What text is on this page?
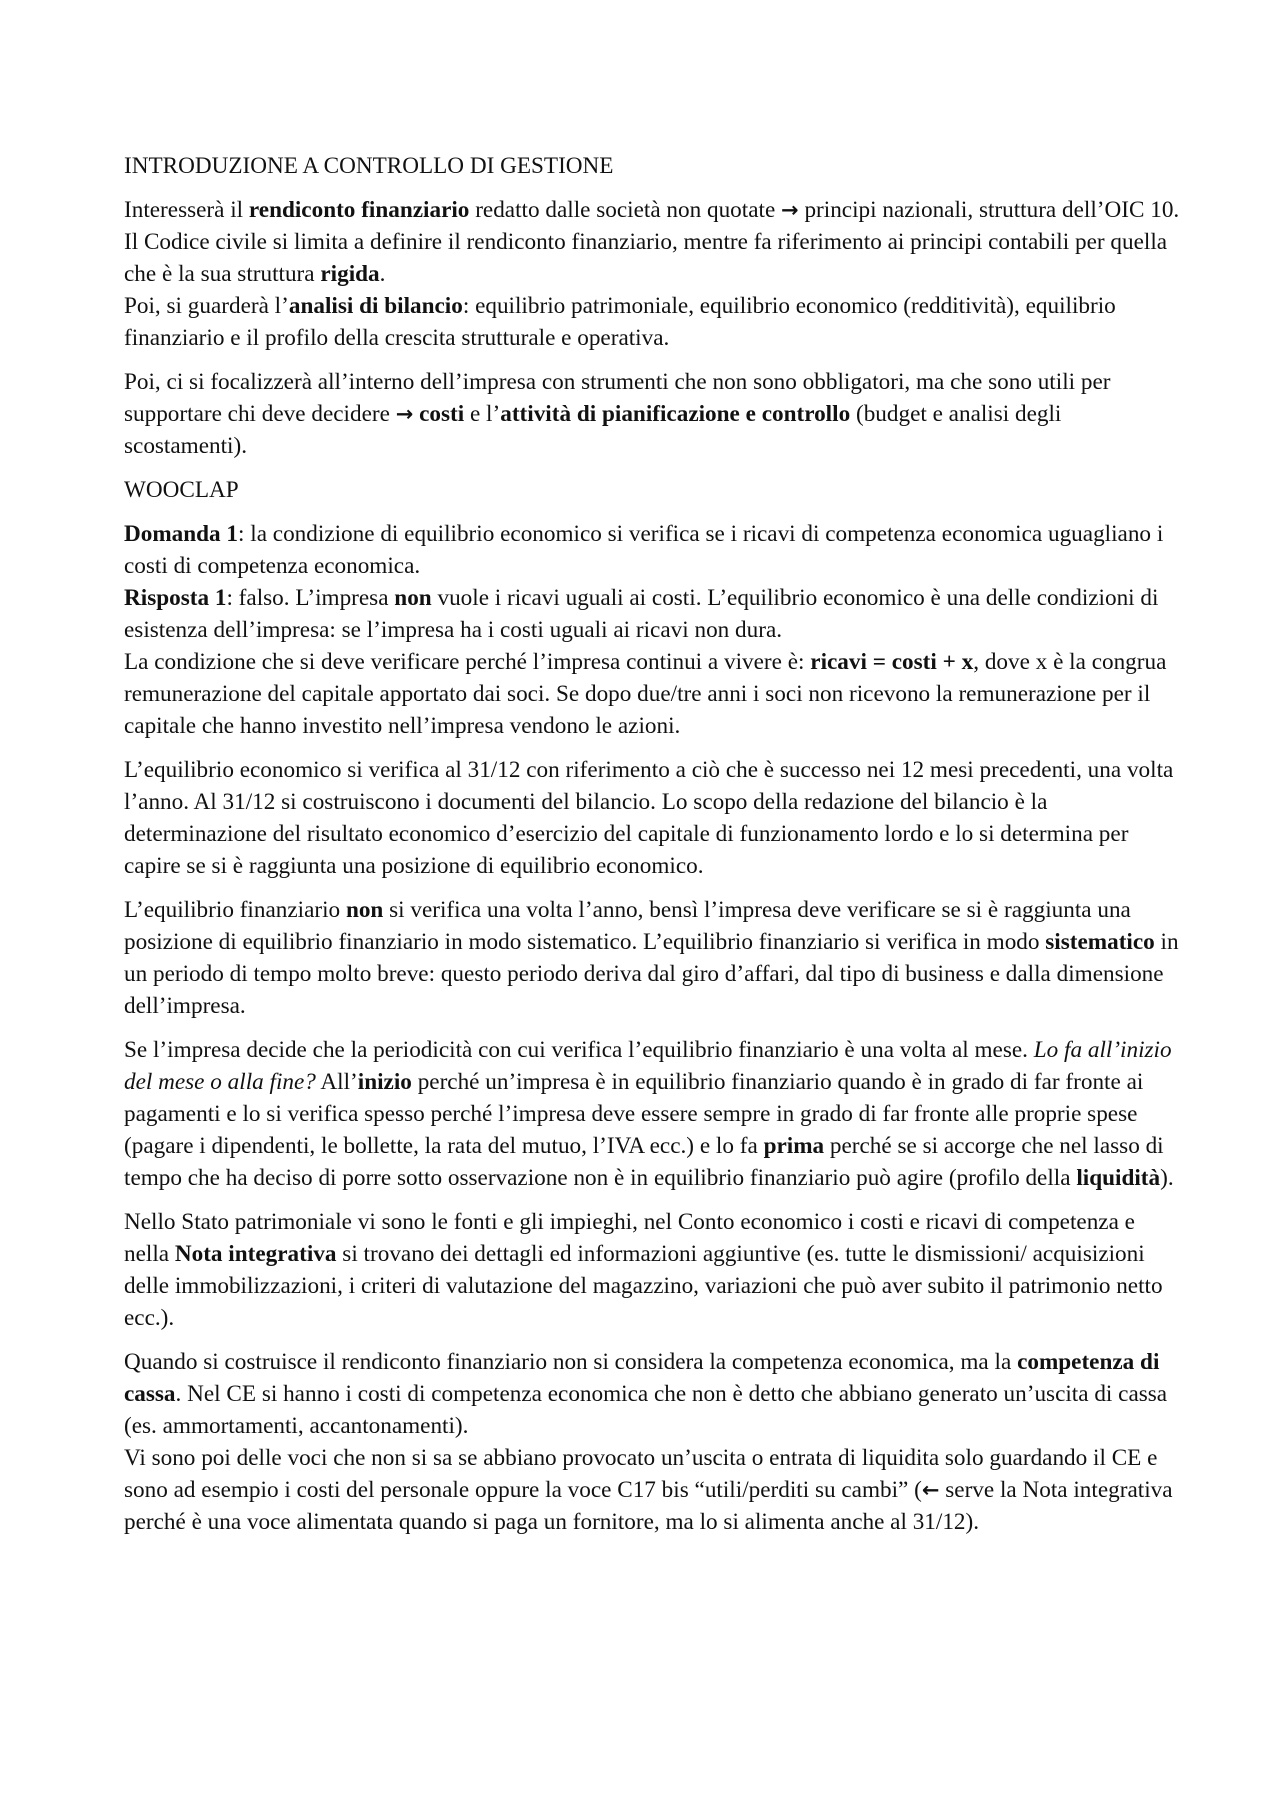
INTRODUZIONE A CONTROLLO DI GESTIONE

Interesserà il rendiconto finanziario redatto dalle società non quotate → principi nazionali, struttura dell’OIC 10. Il Codice civile si limita a definire il rendiconto finanziario, mentre fa riferimento ai principi contabili per quella che è la sua struttura rigida.
Poi, si guarderà l’analisi di bilancio: equilibrio patrimoniale, equilibrio economico (redditività), equilibrio finanziario e il profilo della crescita strutturale e operativa.

Poi, ci si focalizzerà all’interno dell’impresa con strumenti che non sono obbligatori, ma che sono utili per supportare chi deve decidere → costi e l’attività di pianificazione e controllo (budget e analisi degli scostamenti).

WOOCLAP

Domanda 1: la condizione di equilibrio economico si verifica se i ricavi di competenza economica uguagliano i costi di competenza economica.
Risposta 1: falso. L’impresa non vuole i ricavi uguali ai costi. L’equilibrio economico è una delle condizioni di esistenza dell’impresa: se l’impresa ha i costi uguali ai ricavi non dura.
La condizione che si deve verificare perché l’impresa continui a vivere è: ricavi = costi + x, dove x è la congrua remunerazione del capitale apportato dai soci. Se dopo due/tre anni i soci non ricevono la remunerazione per il capitale che hanno investito nell’impresa vendono le azioni.

L’equilibrio economico si verifica al 31/12 con riferimento a ciò che è successo nei 12 mesi precedenti, una volta l’anno. Al 31/12 si costruiscono i documenti del bilancio. Lo scopo della redazione del bilancio è la determinazione del risultato economico d’esercizio del capitale di funzionamento lordo e lo si determina per capire se si è raggiunta una posizione di equilibrio economico.

L’equilibrio finanziario non si verifica una volta l’anno, bensì l’impresa deve verificare se si è raggiunta una posizione di equilibrio finanziario in modo sistematico. L’equilibrio finanziario si verifica in modo sistematico in un periodo di tempo molto breve: questo periodo deriva dal giro d’affari, dal tipo di business e dalla dimensione dell’impresa.

Se l’impresa decide che la periodicità con cui verifica l’equilibrio finanziario è una volta al mese. Lo fa all’inizio del mese o alla fine? All’inizio perché un’impresa è in equilibrio finanziario quando è in grado di far fronte ai pagamenti e lo si verifica spesso perché l’impresa deve essere sempre in grado di far fronte alle proprie spese (pagare i dipendenti, le bollette, la rata del mutuo, l’IVA ecc.) e lo fa prima perché se si accorge che nel lasso di tempo che ha deciso di porre sotto osservazione non è in equilibrio finanziario può agire (profilo della liquidità).

Nello Stato patrimoniale vi sono le fonti e gli impieghi, nel Conto economico i costi e ricavi di competenza e nella Nota integrativa si trovano dei dettagli ed informazioni aggiuntive (es. tutte le dismissioni/ acquisizioni delle immobilizzazioni, i criteri di valutazione del magazzino, variazioni che può aver subito il patrimonio netto ecc.).

Quando si costruisce il rendiconto finanziario non si considera la competenza economica, ma la competenza di cassa. Nel CE si hanno i costi di competenza economica che non è detto che abbiano generato un’uscita di cassa (es. ammortamenti, accantonamenti).
Vi sono poi delle voci che non si sa se abbiano provocato un’uscita o entrata di liquidita solo guardando il CE e sono ad esempio i costi del personale oppure la voce C17 bis “utili/perditi su cambi” (← serve la Nota integrativa perché è una voce alimentata quando si paga un fornitore, ma lo si alimenta anche al 31/12).
